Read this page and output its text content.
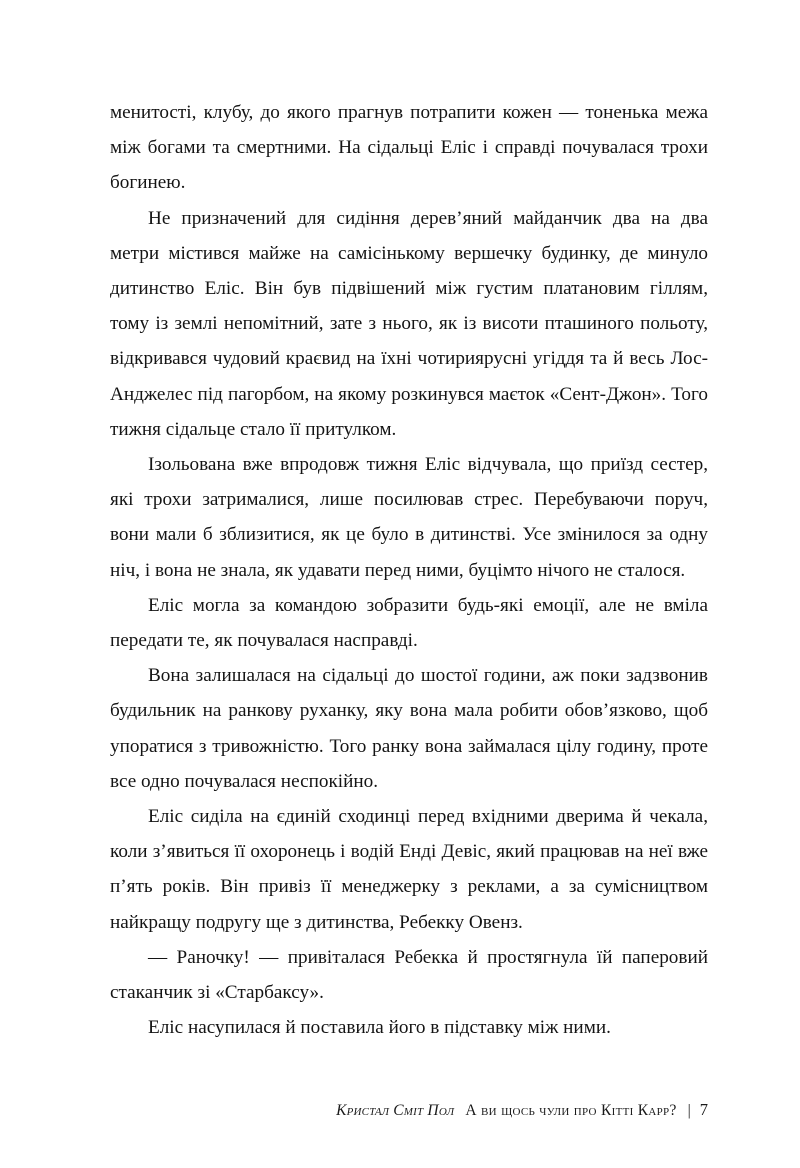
менитості, клубу, до якого прагнув потрапити кожен — тоненька межа між богами та смертними. На сідальці Еліс і справді почувалася трохи богинею.

Не призначений для сидіння дерев’яний майданчик два на два метри містився майже на самісінькому вершечку будинку, де минуло дитинство Еліс. Він був підвішений між густим платановим гіллям, тому із землі непомітний, зате з нього, як із висоти пташиного польоту, відкривався чудовий краєвид на їхні чотириярусні угіддя та й весь Лос-Анджелес під пагорбом, на якому розкинувся маєток «Сент-Джон». Того тижня сідальце стало її притулком.

Ізольована вже впродовж тижня Еліс відчувала, що приїзд сестер, які трохи затрималися, лише посилював стрес. Перебуваючи поруч, вони мали б зблизитися, як це було в дитинстві. Усе змінилося за одну ніч, і вона не знала, як удавати перед ними, буцімто нічого не сталося.

Еліс могла за командою зобразити будь-які емоції, але не вміла передати те, як почувалася насправді.

Вона залишалася на сідальці до шостої години, аж поки задзвонив будильник на ранкову руханку, яку вона мала робити обов’язково, щоб упоратися з тривожністю. Того ранку вона займалася цілу годину, проте все одно почувалася неспокійно.

Еліс сиділа на єдиній сходинці перед вхідними дверима й чекала, коли з’явиться її охоронець і водій Енді Девіс, який працював на неї вже п’ять років. Він привіз її менеджерку з реклами, а за сумісництвом найкращу подругу ще з дитинства, Ребекку Овенз.

— Раночку! — привіталася Ребекка й простягнула їй паперовий стаканчик зі «Старбаксу».

Еліс насупилася й поставила його в підставку між ними.

Кристал Сміт Пол А ви щось чули про Кітті Карр? | 7
